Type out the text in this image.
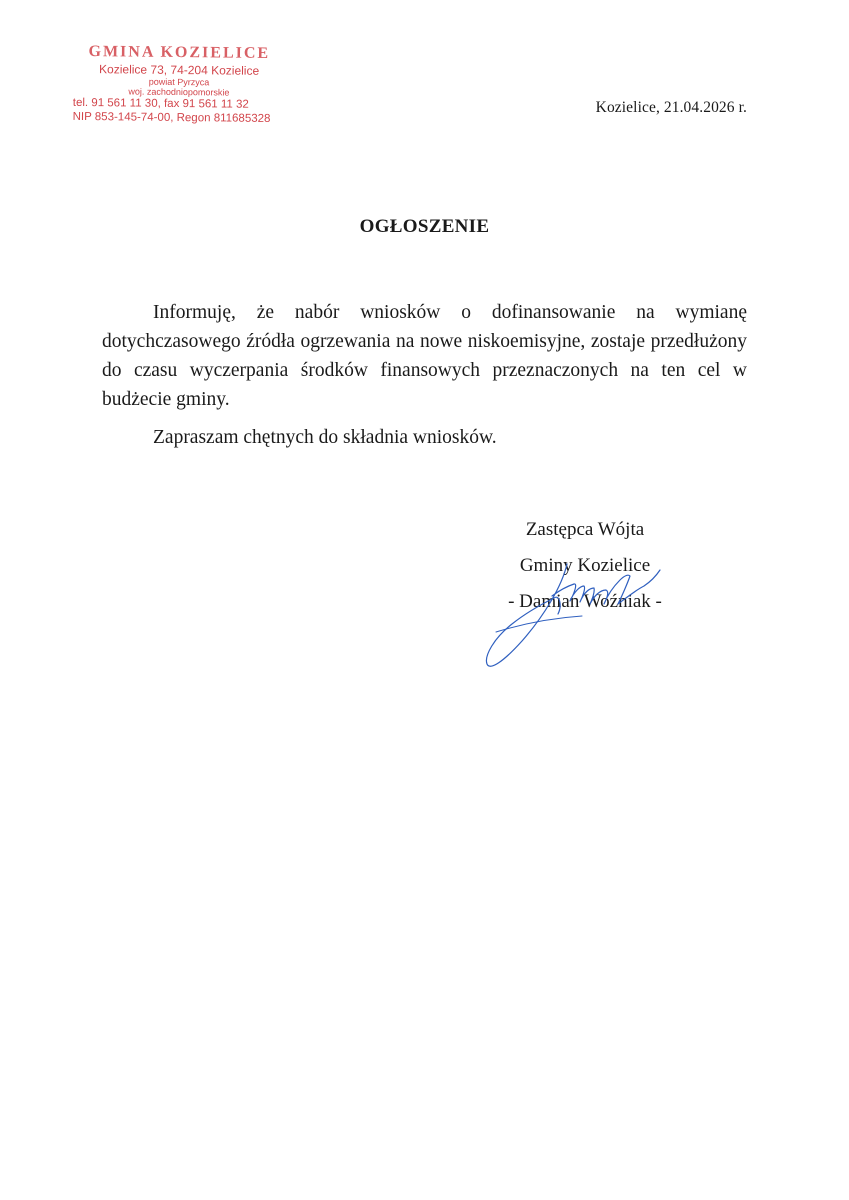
GMINA KOZIELICE
Kozielice 73, 74-204 Kozielice
powiat Pyrzyca
woj. zachodniopomorskie
tel. 91 561 11 30, fax 91 561 11 32
NIP 853-145-74-00, Regon 811685328
Kozielice, 21.04.2026 r.
OGŁOSZENIE

Informuję, że nabór wniosków o dofinansowanie na wymianę dotychczasowego źródła ogrzewania na nowe niskoemisyjne, zostaje przedłużony do czasu wyczerpania środków finansowych przeznaczonych na ten cel w budżecie gminy.

Zapraszam chętnych do składnia wniosków.

Zastępca Wójta
Gminy Kozielice
- Damian Woźniak -
